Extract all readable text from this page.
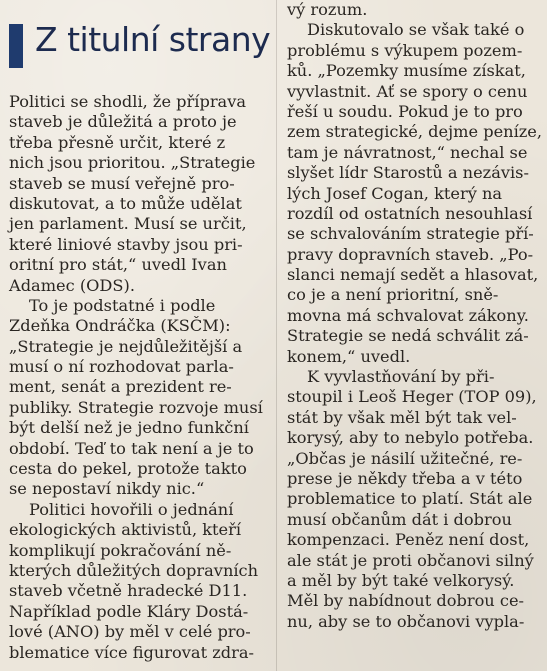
Z titulní strany
Politici se shodli, že příprava
staveb je důležitá a proto je
třeba přesně určit, které z
nich jsou prioritou. „Strategie
staveb se musí veřejně pro-
diskutovat, a to může udělat
jen parlament. Musí se určit,
které liniové stavby jsou pri-
oritní pro stát,“ uvedl Ivan
Adamec (ODS).
To je podstatné i podle
Zdeňka Ondráčka (KSČM):
„Strategie je nejdůležitější a
musí o ní rozhodovat parla-
ment, senát a prezident re-
publiky. Strategie rozvoje musí
být delší než je jedno funkční
období. Teď to tak není a je to
cesta do pekel, protože takto
se nepostaví nikdy nic.“
Politici hovořili o jednání
ekologických aktivistů, kteří
komplikují pokračování ně-
kterých důležitých dopravních
staveb včetně hradecké D11.
Například podle Kláry Dostá-
lové (ANO) by měl v celé pro-
blematice více figurovat zdra-
vý rozum.
Diskutovalo se však také o
problému s výkupem pozem-
ků. „Pozemky musíme získat,
vyvlastnit. Ať se spory o cenu
řeší u soudu. Pokud je to pro
zem strategické, dejme peníze,
tam je návratnost,“ nechal se
slyšet lídr Starostů a nezávis-
lých Josef Cogan, který na
rozdíl od ostatních nesouhlasí
se schvalováním strategie pří-
pravy dopravních staveb. „Po-
slanci nemají sedět a hlasovat,
co je a není prioritní, sně-
movna má schvalovat zákony.
Strategie se nedá schválit zá-
konem,“ uvedl.
K vyvlastňování by při-
stoupil i Leoš Heger (TOP 09),
stát by však měl být tak vel-
korysý, aby to nebylo potřeba.
„Občas je násilí užitečné, re-
prese je někdy třeba a v této
problematice to platí. Stát ale
musí občanům dát i dobrou
kompenzaci. Peněz není dost,
ale stát je proti občanovi silný
a měl by být také velkorysý.
Měl by nabídnout dobrou ce-
nu, aby se to občanovi vypla-
